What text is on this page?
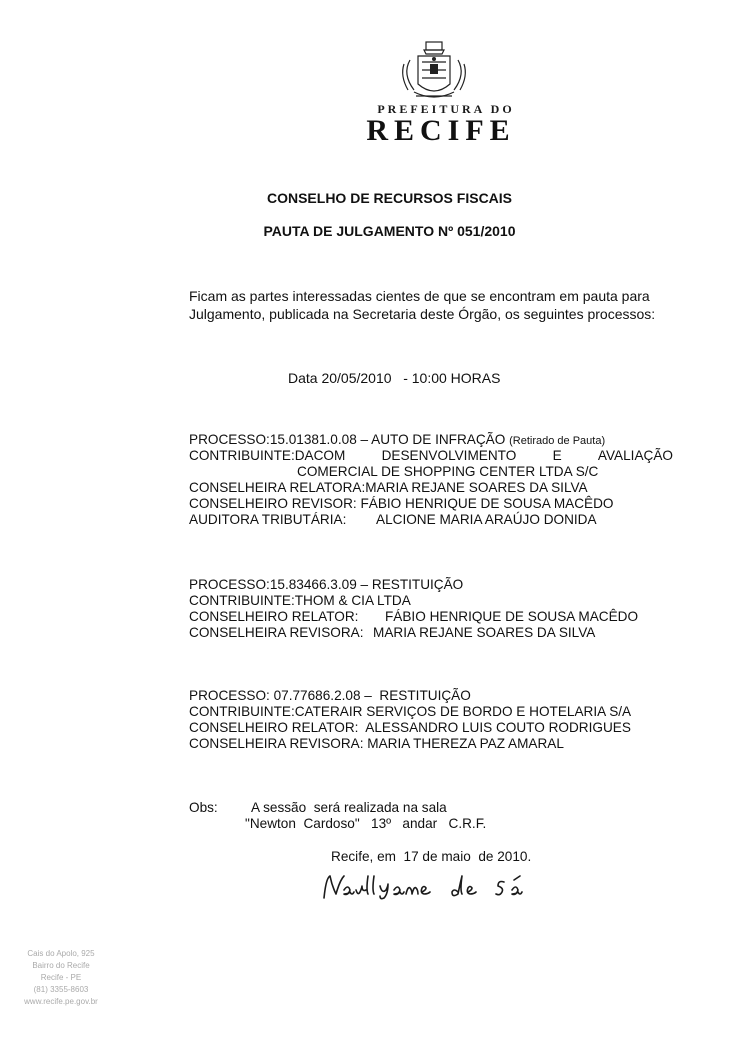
PREFEITURA DO
RECIFE
CONSELHO DE RECURSOS FISCAIS
PAUTA DE JULGAMENTO Nº 051/2010
Ficam as partes interessadas cientes de que se encontram em pauta para
Julgamento, publicada na Secretaria deste Órgão, os seguintes processos:
Data 20/05/2010   - 10:00 HORAS
PROCESSO:15.01381.0.08 – AUTO DE INFRAÇÃO (Retirado de Pauta)
CONTRIBUINTE:DACOM	DESENVOLVIMENTO	E	AVALIAÇÃO
COMERCIAL DE SHOPPING CENTER LTDA S/C
CONSELHEIRA RELATORA:MARIA REJANE SOARES DA SILVA
CONSELHEIRO REVISOR: FÁBIO HENRIQUE DE SOUSA MACÊDO
AUDITORA TRIBUTÁRIA: ALCIONE MARIA ARAÚJO DONIDA
PROCESSO:15.83466.3.09 – RESTITUIÇÃO
CONTRIBUINTE:THOM & CIA LTDA
CONSELHEIRO RELATOR: FÁBIO HENRIQUE DE SOUSA MACÊDO
CONSELHEIRA REVISORA: MARIA REJANE SOARES DA SILVA
PROCESSO: 07.77686.2.08 –  RESTITUIÇÃO
CONTRIBUINTE:CATERAIR SERVIÇOS DE BORDO E HOTELARIA S/A
CONSELHEIRO RELATOR:  ALESSANDRO LUIS COUTO RODRIGUES
CONSELHEIRA REVISORA: MARIA THEREZA PAZ AMARAL
Obs: A sessão  será realizada na sala
"Newton  Cardoso"   13º   andar   C.R.F.
Recife, em  17 de maio  de 2010.
Cais do Apolo, 925
Bairro do Recife
Recife - PE
(81) 3355-8603
www.recife.pe.gov.br
